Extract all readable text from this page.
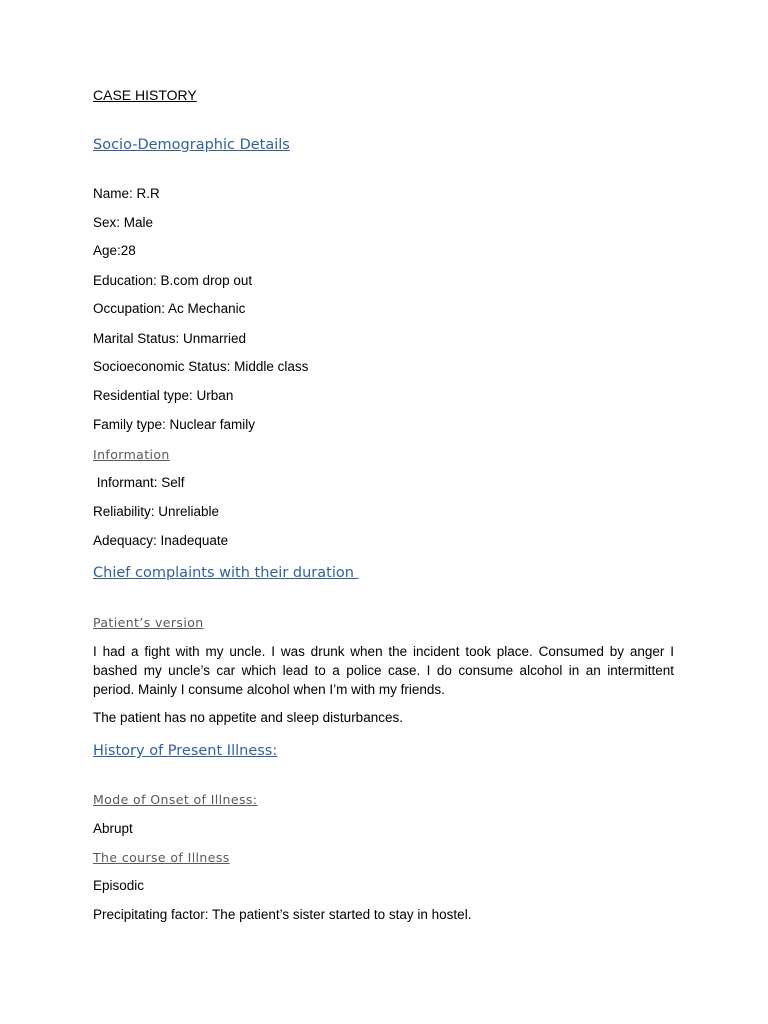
CASE HISTORY
Socio-Demographic Details
Name: R.R
Sex: Male
Age:28
Education: B.com drop out
Occupation: Ac Mechanic
Marital Status: Unmarried
Socioeconomic Status: Middle class
Residential type: Urban
Family type: Nuclear family
Information
Informant: Self
Reliability: Unreliable
Adequacy: Inadequate
Chief complaints with their duration
Patient’s version
I had a fight with my uncle. I was drunk when the incident took place. Consumed by anger I bashed my uncle’s car which lead to a police case. I do consume alcohol in an intermittent period. Mainly I consume alcohol when I’m with my friends.
The patient has no appetite and sleep disturbances.
History of Present Illness:
Mode of Onset of Illness:
Abrupt
The course of Illness
Episodic
Precipitating factor: The patient’s sister started to stay in hostel.
